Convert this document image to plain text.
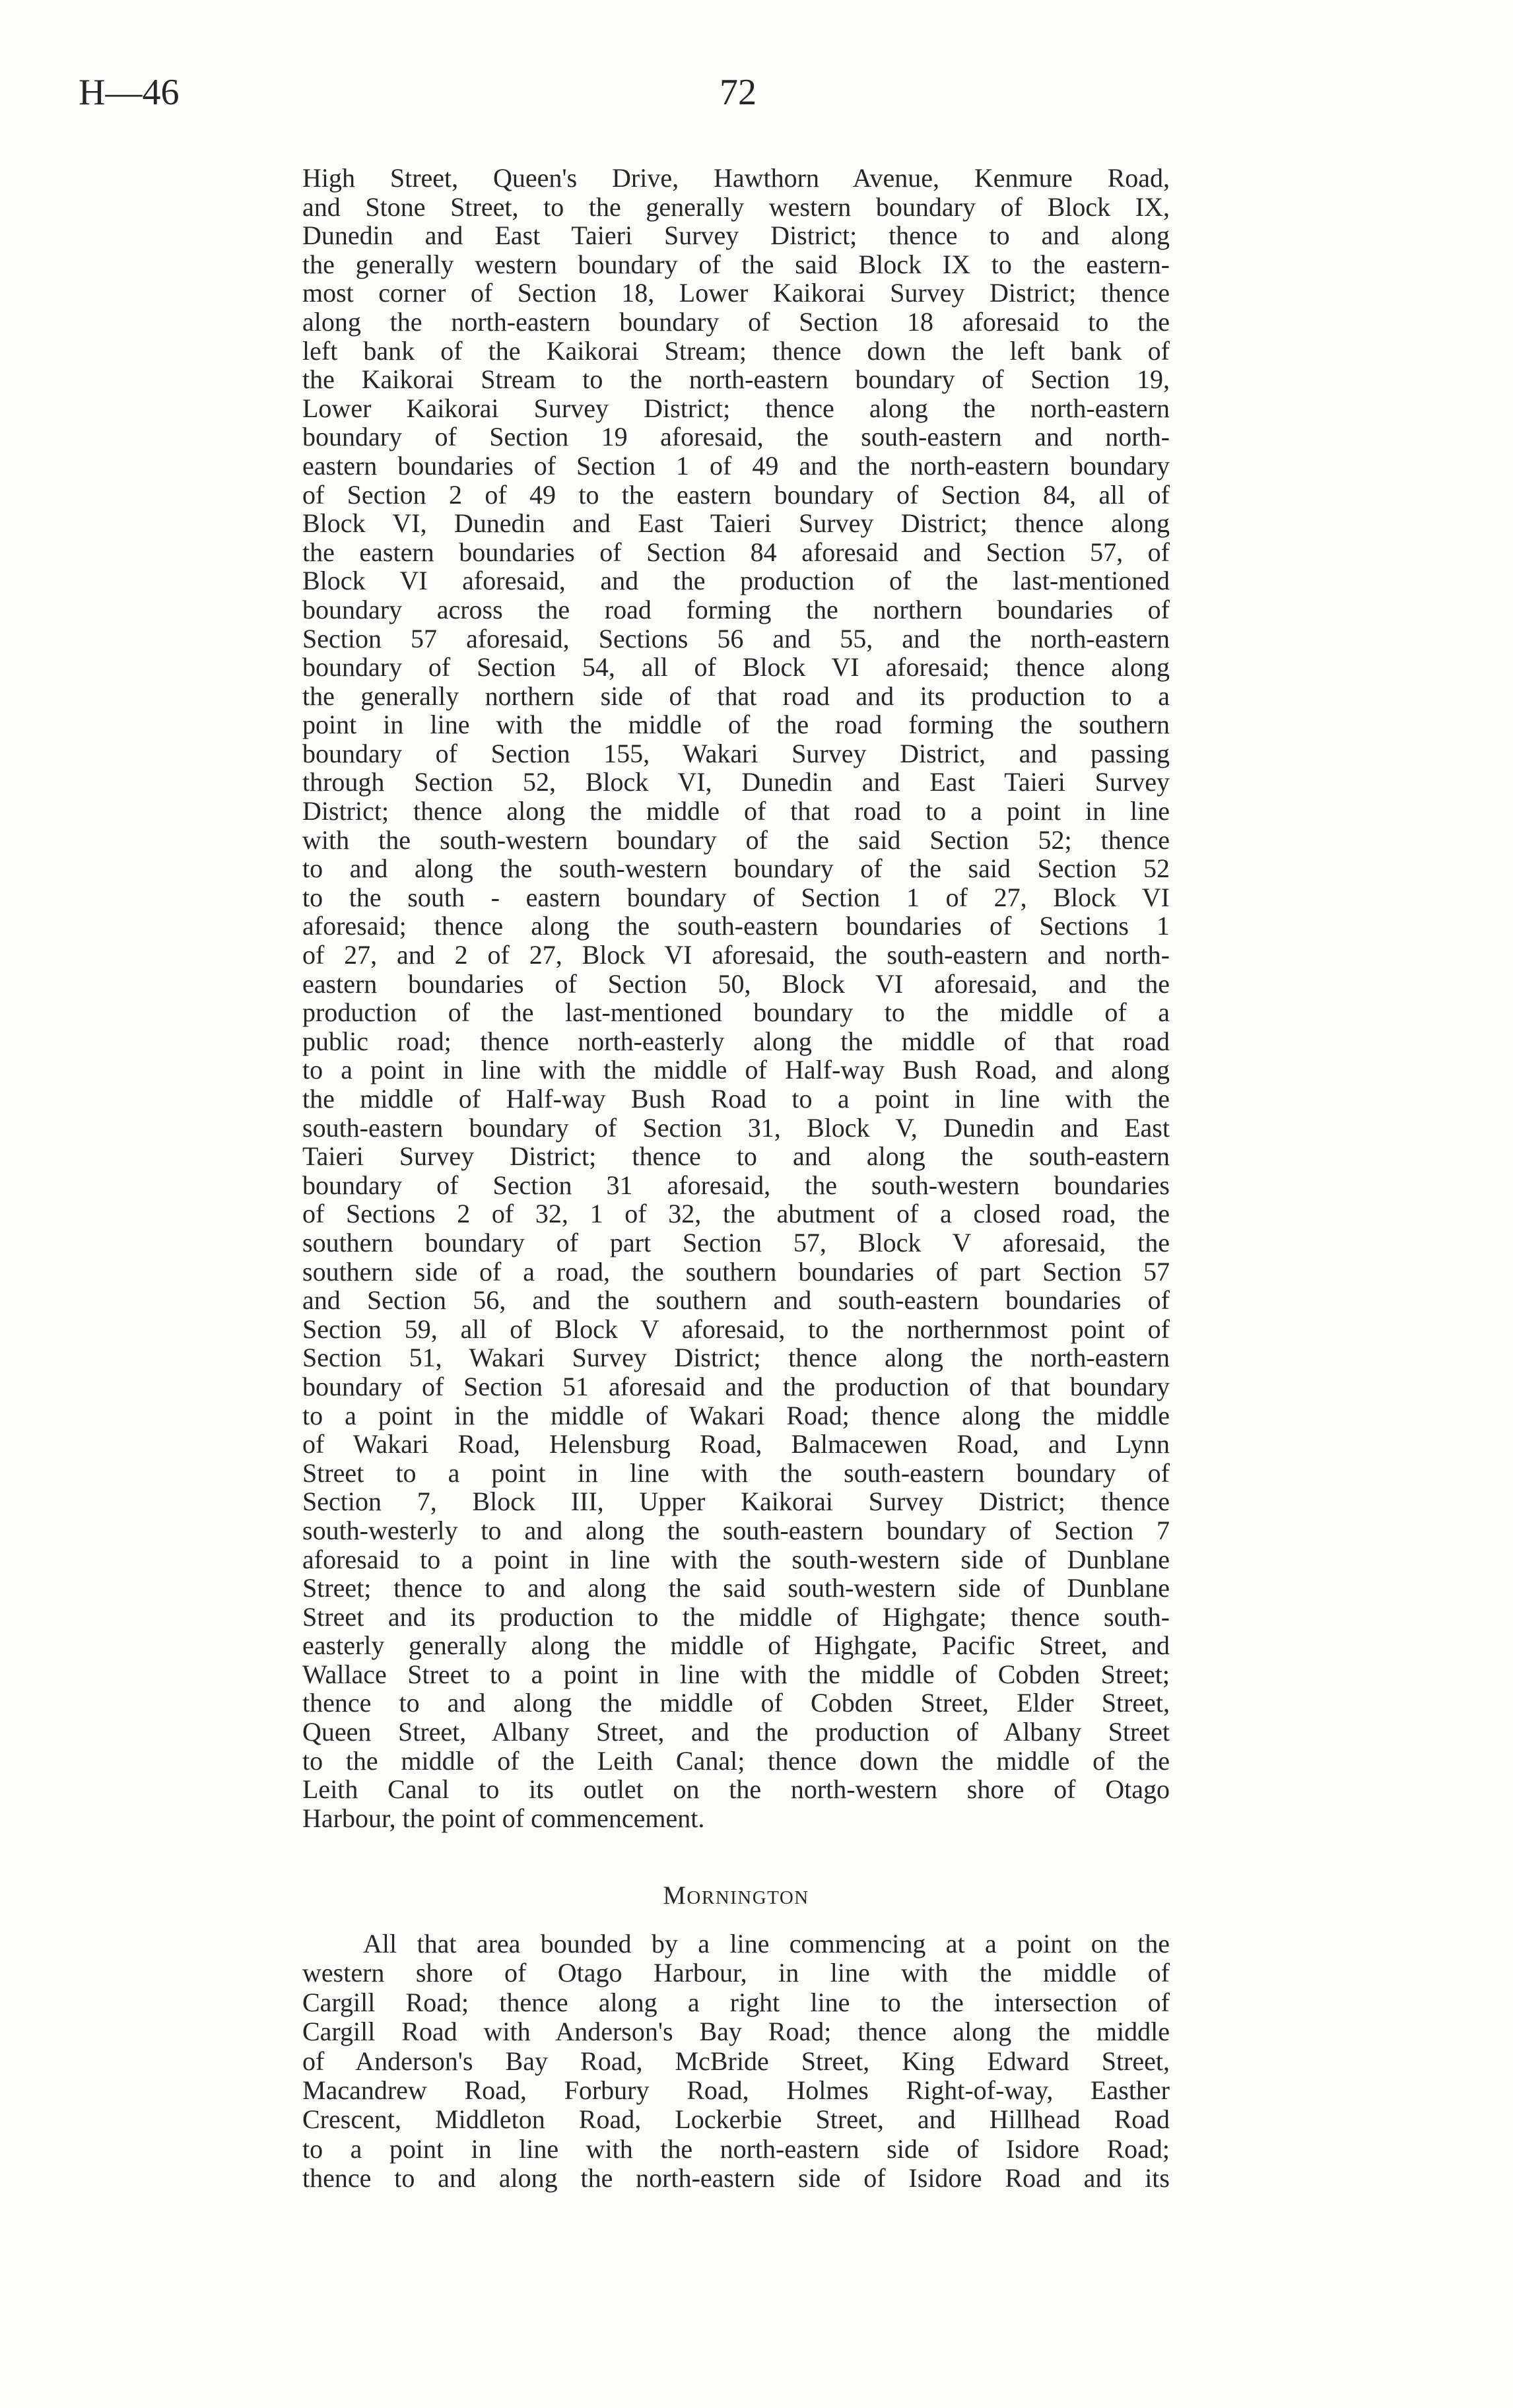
H—46	72
High Street, Queen's Drive, Hawthorn Avenue, Kenmure Road,
and Stone Street, to the generally western boundary of Block IX,
Dunedin and East Taieri Survey District; thence to and along
the generally western boundary of the said Block IX to the eastern-
most corner of Section 18, Lower Kaikorai Survey District; thence
along the north-eastern boundary of Section 18 aforesaid to the
left bank of the Kaikorai Stream; thence down the left bank of
the Kaikorai Stream to the north-eastern boundary of Section 19,
Lower Kaikorai Survey District; thence along the north-eastern
boundary of Section 19 aforesaid, the south-eastern and north-
eastern boundaries of Section 1 of 49 and the north-eastern boundary
of Section 2 of 49 to the eastern boundary of Section 84, all of
Block VI, Dunedin and East Taieri Survey District; thence along
the eastern boundaries of Section 84 aforesaid and Section 57, of
Block VI aforesaid, and the production of the last-mentioned
boundary across the road forming the northern boundaries of
Section 57 aforesaid, Sections 56 and 55, and the north-eastern
boundary of Section 54, all of Block VI aforesaid; thence along
the generally northern side of that road and its production to a
point in line with the middle of the road forming the southern
boundary of Section 155, Wakari Survey District, and passing
through Section 52, Block VI, Dunedin and East Taieri Survey
District; thence along the middle of that road to a point in line
with the south-western boundary of the said Section 52; thence
to and along the south-western boundary of the said Section 52
to the south - eastern boundary of Section 1 of 27, Block VI
aforesaid; thence along the south-eastern boundaries of Sections 1
of 27, and 2 of 27, Block VI aforesaid, the south-eastern and north-
eastern boundaries of Section 50, Block VI aforesaid, and the
production of the last-mentioned boundary to the middle of a
public road; thence north-easterly along the middle of that road
to a point in line with the middle of Half-way Bush Road, and along
the middle of Half-way Bush Road to a point in line with the
south-eastern boundary of Section 31, Block V, Dunedin and East
Taieri Survey District; thence to and along the south-eastern
boundary of Section 31 aforesaid, the south-western boundaries
of Sections 2 of 32, 1 of 32, the abutment of a closed road, the
southern boundary of part Section 57, Block V aforesaid, the
southern side of a road, the southern boundaries of part Section 57
and Section 56, and the southern and south-eastern boundaries of
Section 59, all of Block V aforesaid, to the northernmost point of
Section 51, Wakari Survey District; thence along the north-eastern
boundary of Section 51 aforesaid and the production of that boundary
to a point in the middle of Wakari Road; thence along the middle
of Wakari Road, Helensburg Road, Balmacewen Road, and Lynn
Street to a point in line with the south-eastern boundary of
Section 7, Block III, Upper Kaikorai Survey District; thence
south-westerly to and along the south-eastern boundary of Section 7
aforesaid to a point in line with the south-western side of Dunblane
Street; thence to and along the said south-western side of Dunblane
Street and its production to the middle of Highgate; thence south-
easterly generally along the middle of Highgate, Pacific Street, and
Wallace Street to a point in line with the middle of Cobden Street;
thence to and along the middle of Cobden Street, Elder Street,
Queen Street, Albany Street, and the production of Albany Street
to the middle of the Leith Canal; thence down the middle of the
Leith Canal to its outlet on the north-western shore of Otago
Harbour, the point of commencement.
MORNINGTON
All that area bounded by a line commencing at a point on the
western shore of Otago Harbour, in line with the middle of
Cargill Road; thence along a right line to the intersection of
Cargill Road with Anderson's Bay Road; thence along the middle
of Anderson's Bay Road, McBride Street, King Edward Street,
Macandrew Road, Forbury Road, Holmes Right-of-way, Easther
Crescent, Middleton Road, Lockerbie Street, and Hillhead Road
to a point in line with the north-eastern side of Isidore Road;
thence to and along the north-eastern side of Isidore Road and its
